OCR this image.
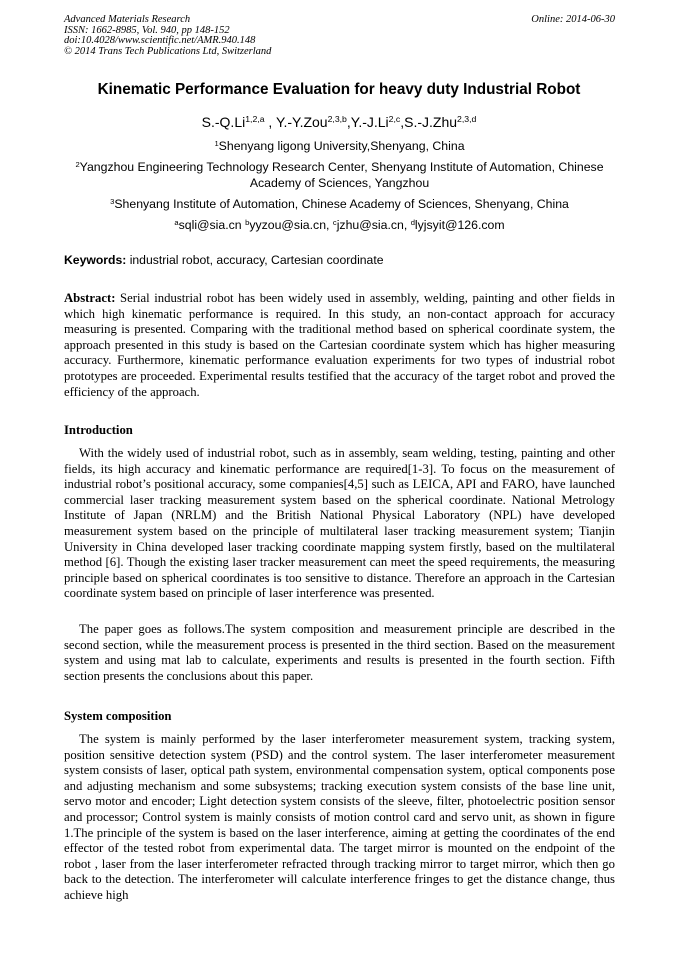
Advanced Materials Research
ISSN: 1662-8985, Vol. 940, pp 148-152
doi:10.4028/www.scientific.net/AMR.940.148
© 2014 Trans Tech Publications Ltd, Switzerland
Online: 2014-06-30
Kinematic Performance Evaluation for heavy duty Industrial Robot
S.-Q.Li$^{1,2,a}$ , Y.-Y.Zou$^{2,3,b}$,Y.-J.Li$^{2,c}$,S.-J.Zhu$^{2,3,d}$
$^1$Shenyang ligong University,Shenyang, China
$^2$Yangzhou Engineering Technology Research Center, Shenyang Institute of Automation, Chinese Academy of Sciences, Yangzhou
$^3$Shenyang Institute of Automation, Chinese Academy of Sciences, Shenyang, China
$^a$sqli@sia.cn $^b$yyzou@sia.cn, $^c$jzhu@sia.cn, $^d$lyjsyit@126.com
Keywords: industrial robot, accuracy, Cartesian coordinate
Abstract: Serial industrial robot has been widely used in assembly, welding, painting and other fields in which high kinematic performance is required. In this study, an non-contact approach for accuracy measuring is presented. Comparing with the traditional method based on spherical coordinate system, the approach presented in this study is based on the Cartesian coordinate system which has higher measuring accuracy. Furthermore, kinematic performance evaluation experiments for two types of industrial robot prototypes are proceeded. Experimental results testified that the accuracy of the target robot and proved the efficiency of the approach.
Introduction
With the widely used of industrial robot, such as in assembly, seam welding, testing, painting and other fields, its high accuracy and kinematic performance are required[1-3]. To focus on the measurement of industrial robot’s positional accuracy, some companies[4,5] such as LEICA, API and FARO, have launched commercial laser tracking measurement system based on the spherical coordinate. National Metrology Institute of Japan (NRLM) and the British National Physical Laboratory (NPL) have developed measurement system based on the principle of multilateral laser tracking measurement system; Tianjin University in China developed laser tracking coordinate mapping system firstly, based on the multilateral method [6]. Though the existing laser tracker measurement can meet the speed requirements, the measuring principle based on spherical coordinates is too sensitive to distance. Therefore an approach in the Cartesian coordinate system based on principle of laser interference was presented.
The paper goes as follows.The system composition and measurement principle are described in the second section, while the measurement process is presented in the third section. Based on the measurement system and using mat lab to calculate, experiments and results is presented in the fourth section. Fifth section presents the conclusions about this paper.
System composition
The system is mainly performed by the laser interferometer measurement system, tracking system, position sensitive detection system (PSD) and the control system. The laser interferometer measurement system consists of laser, optical path system, environmental compensation system, optical components pose and adjusting mechanism and some subsystems; tracking execution system consists of the base line unit, servo motor and encoder; Light detection system consists of the sleeve, filter, photoelectric position sensor and processor; Control system is mainly consists of motion control card and servo unit, as shown in figure 1.The principle of the system is based on the laser interference, aiming at getting the coordinates of the end effector of the tested robot from experimental data. The target mirror is mounted on the endpoint of the robot , laser from the laser interferometer refracted through tracking mirror to target mirror, which then go back to the detection. The interferometer will calculate interference fringes to get the distance change, thus achieve high
